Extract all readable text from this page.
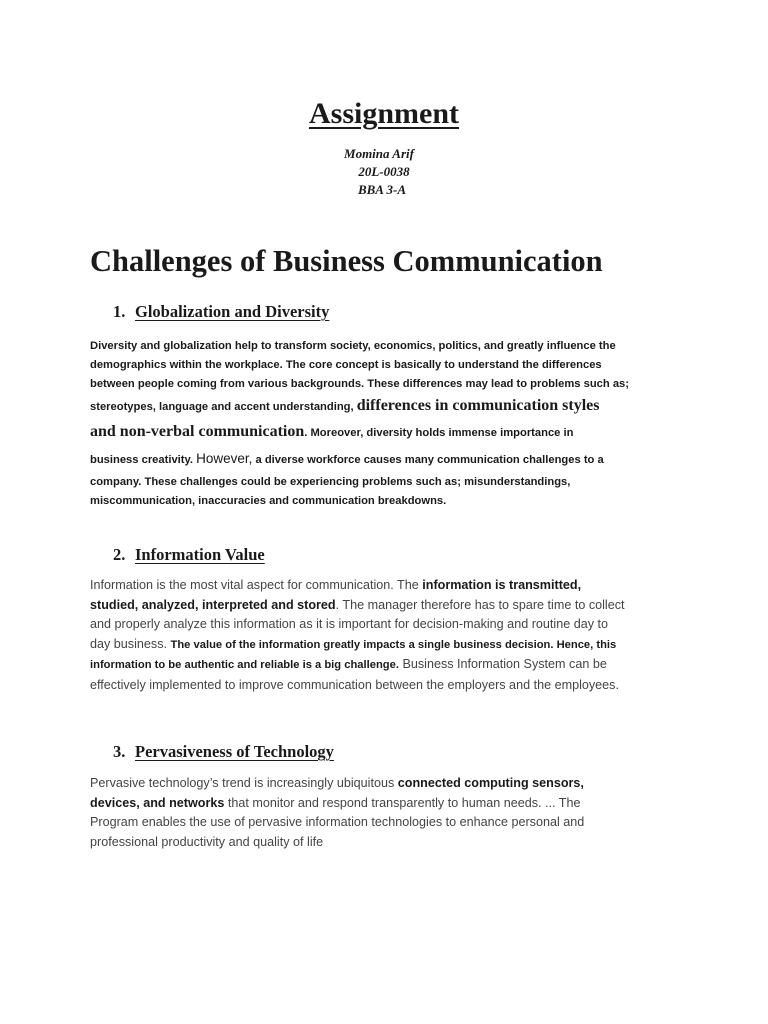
Assignment
Momina Arif
20L-0038
BBA 3-A
Challenges of Business Communication
1. Globalization and Diversity
Diversity and globalization help to transform society, economics, politics, and greatly influence the
demographics within the workplace. The core concept is basically to understand the differences
between people coming from various backgrounds. These differences may lead to problems such as;
stereotypes, language and accent understanding, differences in communication styles
and non-verbal communication. Moreover, diversity holds immense importance in
business creativity. However, a diverse workforce causes many communication challenges to a
company. These challenges could be experiencing problems such as; misunderstandings,
miscommunication, inaccuracies and communication breakdowns.
2. Information Value
Information is the most vital aspect for communication. The information is transmitted,
studied, analyzed, interpreted and stored. The manager therefore has to spare time to collect
and properly analyze this information as it is important for decision-making and routine day to
day business. The value of the information greatly impacts a single business decision. Hence, this
information to be authentic and reliable is a big challenge. Business Information System can be
effectively implemented to improve communication between the employers and the employees.
3. Pervasiveness of Technology
Pervasive technology’s trend is increasingly ubiquitous connected computing sensors,
devices, and networks that monitor and respond transparently to human needs. ... The
Program enables the use of pervasive information technologies to enhance personal and
professional productivity and quality of life
